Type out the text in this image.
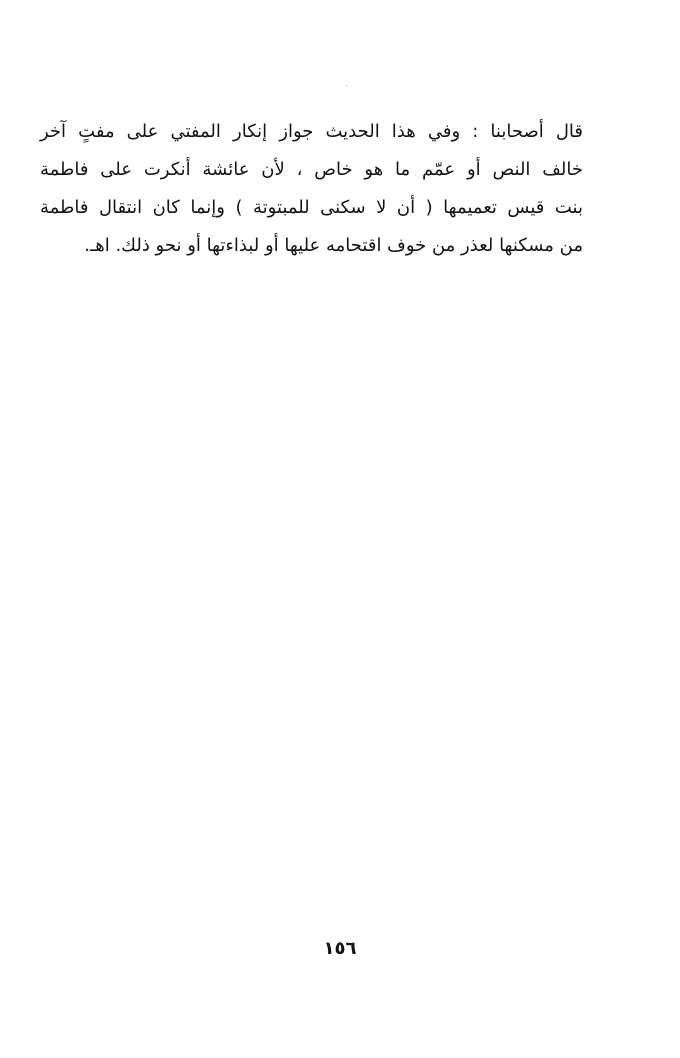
قال أصحابنا : وفي هذا الحديث جواز إنكار المفتي على مفتٍ آخر
خالف النص أو عمّم ما هو خاص ، لأن عائشة أنكرت على فاطمة
بنت قيس تعميمها ( أن لا سكنى للمبتوتة ) وإنما كان انتقال فاطمة
من مسكنها لعذر من خوف اقتحامه عليها أو لبذاءتها أو نحو ذلك. اهـ.
١٥٦
